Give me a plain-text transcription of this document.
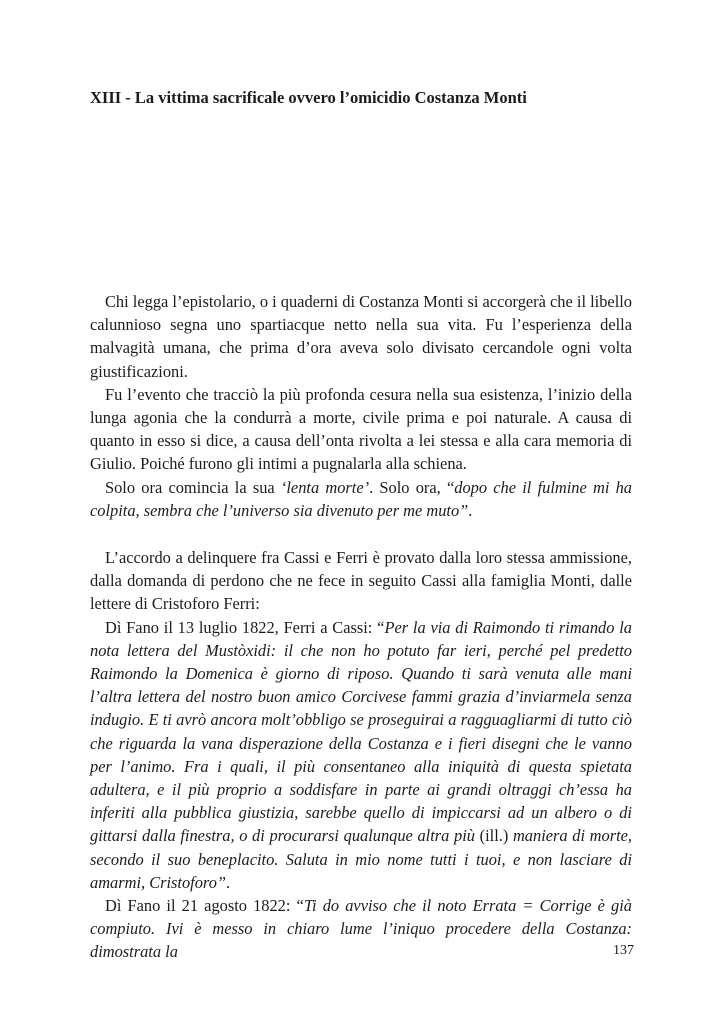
XIII - La vittima sacrificale ovvero l’omicidio Costanza Monti

Chi legga l’epistolario, o i quaderni di Costanza Monti si accorgerà che il libello calunnioso segna uno spartiacque netto nella sua vita. Fu l’esperienza della malvagità umana, che prima d’ora aveva solo divisato cercandole ogni volta giustificazioni.

Fu l’evento che tracciò la più profonda cesura nella sua esistenza, l’inizio della lunga agonia che la condurrà a morte, civile prima e poi naturale. A causa di quanto in esso si dice, a causa dell’onta rivolta a lei stessa e alla cara memoria di Giulio. Poiché furono gli intimi a pugnalarla alla schiena.

Solo ora comincia la sua ‘lenta morte’. Solo ora, “dopo che il fulmine mi ha colpita, sembra che l’universo sia divenuto per me muto”.

L’accordo a delinquere fra Cassi e Ferri è provato dalla loro stessa ammissione, dalla domanda di perdono che ne fece in seguito Cassi alla famiglia Monti, dalle lettere di Cristoforo Ferri:

Dì Fano il 13 luglio 1822, Ferri a Cassi: “Per la via di Raimondo ti rimando la nota lettera del Mustòxidi: il che non ho potuto far ieri, perché pel predetto Raimondo la Domenica è giorno di riposo. Quando ti sarà venuta alle mani l’altra lettera del nostro buon amico Corcivese fammi grazia d’inviarmela senza indugio. E ti avrò ancora molt’obbligo se proseguirai a ragguagliarmi di tutto ciò che riguarda la vana disperazione della Costanza e i fieri disegni che le vanno per l’animo. Fra i quali, il più consentaneo alla iniquità di questa spietata adultera, e il più proprio a soddisfare in parte ai grandi oltraggi ch’essa ha inferiti alla pubblica giustizia, sarebbe quello di impiccarsi ad un albero o di gittarsi dalla finestra, o di procurarsi qualunque altra più (ill.) maniera di morte, secondo il suo beneplacito. Saluta in mio nome tutti i tuoi, e non lasciare di amarmi, Cristoforo”.

Dì Fano il 21 agosto 1822: “Ti do avviso che il noto Errata = Corrige è già compiuto. Ivi è messo in chiaro lume l’iniquo procedere della Costanza: dimostrata la	137
